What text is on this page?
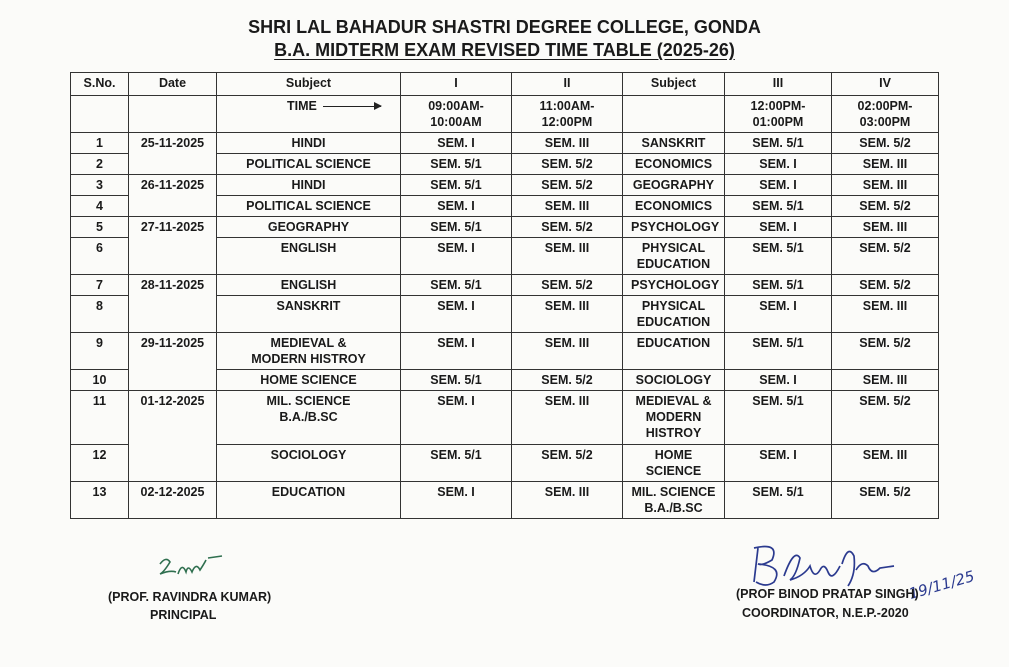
SHRI LAL BAHADUR SHASTRI DEGREE COLLEGE, GONDA
B.A. MIDTERM EXAM REVISED TIME TABLE (2025-26)
S.No.	Date	Subject	I	II	Subject	III	IV
		TIME	09:00AM-10:00AM	11:00AM-12:00PM		12:00PM-01:00PM	02:00PM-03:00PM
1	25-11-2025	HINDI	SEM. I	SEM. III	SANSKRIT	SEM. 5/1	SEM. 5/2
2		POLITICAL SCIENCE	SEM. 5/1	SEM. 5/2	ECONOMICS	SEM. I	SEM. III
3	26-11-2025	HINDI	SEM. 5/1	SEM. 5/2	GEOGRAPHY	SEM. I	SEM. III
4		POLITICAL SCIENCE	SEM. I	SEM. III	ECONOMICS	SEM. 5/1	SEM. 5/2
5	27-11-2025	GEOGRAPHY	SEM. 5/1	SEM. 5/2	PSYCHOLOGY	SEM. I	SEM. III
6		ENGLISH	SEM. I	SEM. III	PHYSICAL EDUCATION	SEM. 5/1	SEM. 5/2
7	28-11-2025	ENGLISH	SEM. 5/1	SEM. 5/2	PSYCHOLOGY	SEM. 5/1	SEM. 5/2
8		SANSKRIT	SEM. I	SEM. III	PHYSICAL EDUCATION	SEM. I	SEM. III
9	29-11-2025	MEDIEVAL & MODERN HISTROY	SEM. I	SEM. III	EDUCATION	SEM. 5/1	SEM. 5/2
10		HOME SCIENCE	SEM. 5/1	SEM. 5/2	SOCIOLOGY	SEM. I	SEM. III
11	01-12-2025	MIL. SCIENCE B.A./B.SC	SEM. I	SEM. III	MEDIEVAL & MODERN HISTROY	SEM. 5/1	SEM. 5/2
12		SOCIOLOGY	SEM. 5/1	SEM. 5/2	HOME SCIENCE	SEM. I	SEM. III
13	02-12-2025	EDUCATION	SEM. I	SEM. III	MIL. SCIENCE B.A./B.SC	SEM. 5/1	SEM. 5/2
(PROF. RAVINDRA KUMAR)
PRINCIPAL
19/11/25
(PROF BINOD PRATAP SINGH)
COORDINATOR, N.E.P.-2020
